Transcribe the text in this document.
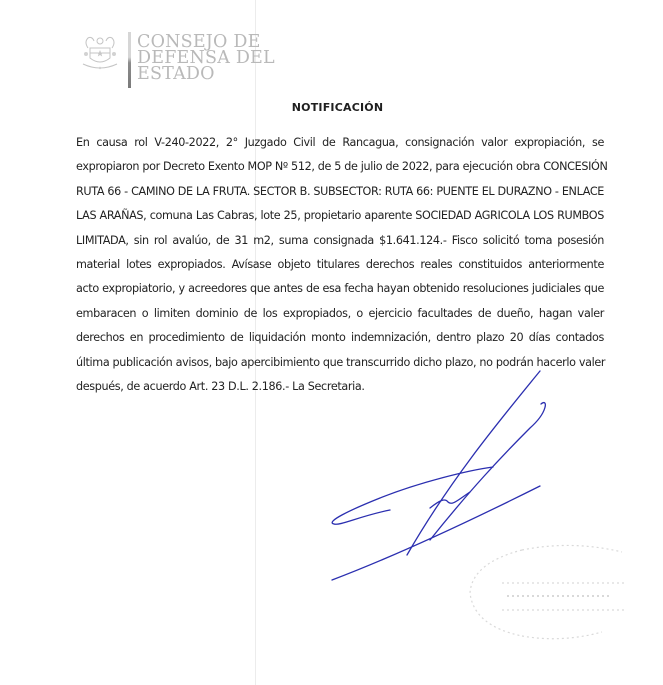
CONSEJO DE
DEFENSA DEL
ESTADO
NOTIFICACIÓN
En causa rol V-240-2022, 2° Juzgado Civil de Rancagua, consignación valor expropiación, se
expropiaron por Decreto Exento MOP Nº 512, de 5 de julio de 2022, para ejecución obra CONCESIÓN
RUTA 66 - CAMINO DE LA FRUTA. SECTOR B. SUBSECTOR: RUTA 66: PUENTE EL DURAZNO - ENLACE
LAS ARAÑAS, comuna Las Cabras, lote 25, propietario aparente SOCIEDAD AGRICOLA LOS RUMBOS
LIMITADA, sin rol avalúo, de 31 m2, suma consignada $1.641.124.- Fisco solicitó toma posesión
material lotes expropiados. Avísase objeto titulares derechos reales constituidos anteriormente
acto expropiatorio, y acreedores que antes de esa fecha hayan obtenido resoluciones judiciales que
embaracen o limiten dominio de los expropiados, o ejercicio facultades de dueño, hagan valer
derechos en procedimiento de liquidación monto indemnización, dentro plazo 20 días contados
última publicación avisos, bajo apercibimiento que transcurrido dicho plazo, no podrán hacerlo valer
después, de acuerdo Art. 23 D.L. 2.186.- La Secretaria.
